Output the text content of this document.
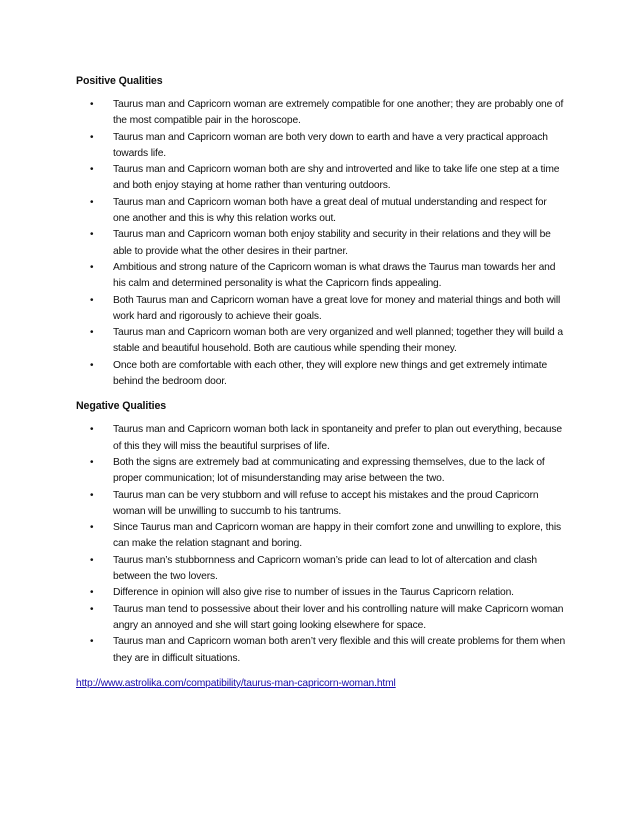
Positive Qualities
• Taurus man and Capricorn woman are extremely compatible for one another; they are probably one of the most compatible pair in the horoscope.
• Taurus man and Capricorn woman are both very down to earth and have a very practical approach towards life.
• Taurus man and Capricorn woman both are shy and introverted and like to take life one step at a time and both enjoy staying at home rather than venturing outdoors.
• Taurus man and Capricorn woman both have a great deal of mutual understanding and respect for one another and this is why this relation works out.
• Taurus man and Capricorn woman both enjoy stability and security in their relations and they will be able to provide what the other desires in their partner.
• Ambitious and strong nature of the Capricorn woman is what draws the Taurus man towards her and his calm and determined personality is what the Capricorn finds appealing.
• Both Taurus man and Capricorn woman have a great love for money and material things and both will work hard and rigorously to achieve their goals.
• Taurus man and Capricorn woman both are very organized and well planned; together they will build a stable and beautiful household. Both are cautious while spending their money.
• Once both are comfortable with each other, they will explore new things and get extremely intimate behind the bedroom door.
Negative Qualities
• Taurus man and Capricorn woman both lack in spontaneity and prefer to plan out everything, because of this they will miss the beautiful surprises of life.
• Both the signs are extremely bad at communicating and expressing themselves, due to the lack of proper communication; lot of misunderstanding may arise between the two.
• Taurus man can be very stubborn and will refuse to accept his mistakes and the proud Capricorn woman will be unwilling to succumb to his tantrums.
• Since Taurus man and Capricorn woman are happy in their comfort zone and unwilling to explore, this can make the relation stagnant and boring.
• Taurus man’s stubbornness and Capricorn woman’s pride can lead to lot of altercation and clash between the two lovers.
• Difference in opinion will also give rise to number of issues in the Taurus Capricorn relation.
• Taurus man tend to possessive about their lover and his controlling nature will make Capricorn woman angry an annoyed and she will start going looking elsewhere for space.
• Taurus man and Capricorn woman both aren’t very flexible and this will create problems for them when they are in difficult situations.
http://www.astrolika.com/compatibility/taurus-man-capricorn-woman.html
